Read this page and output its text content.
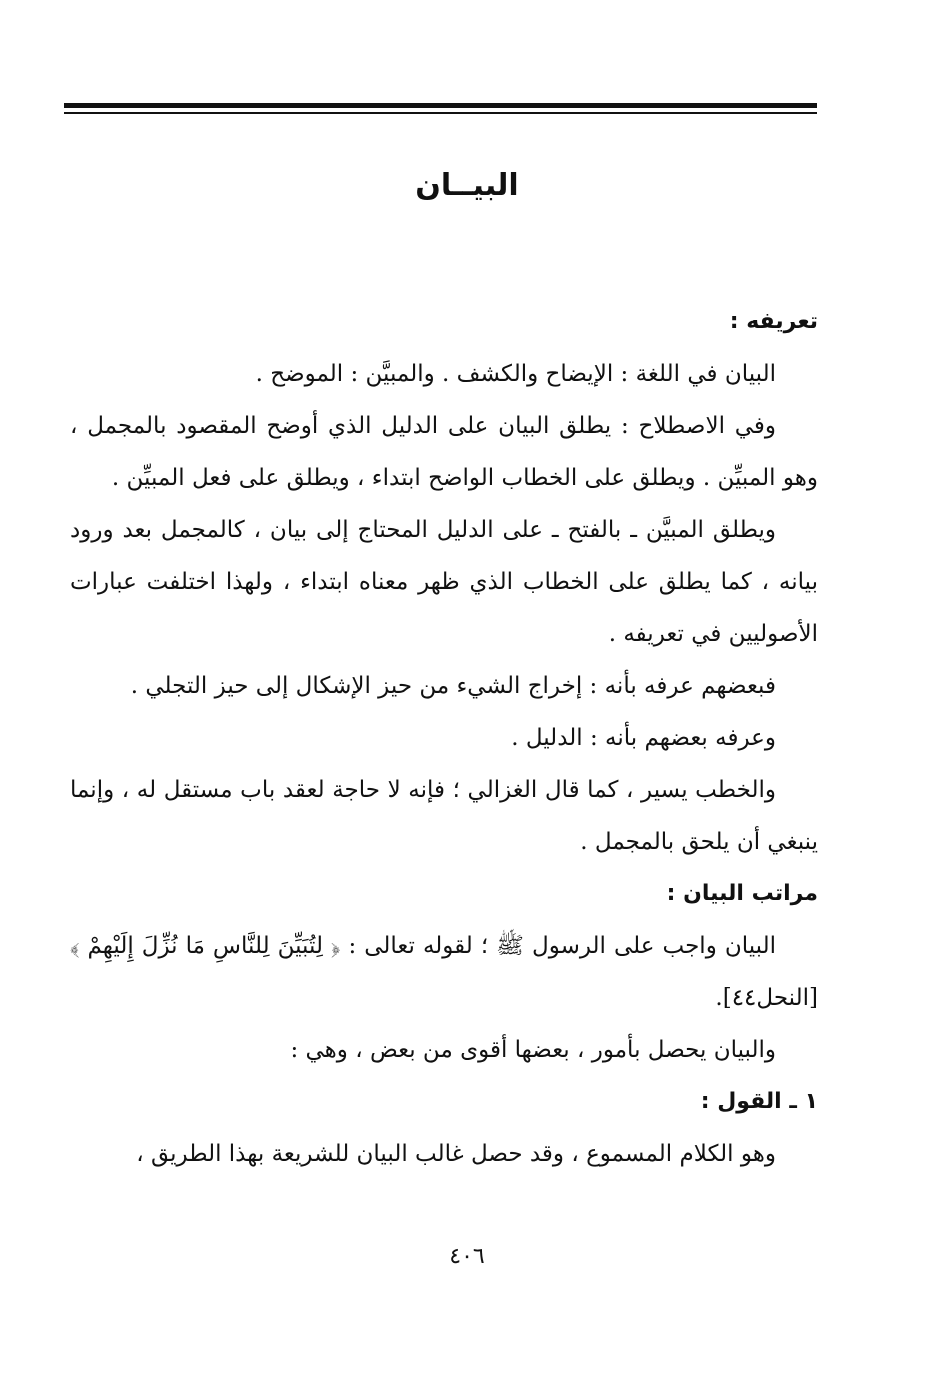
البيــان

تعريفه :

البيان في اللغة : الإيضاح والكشف . والمبيَّن : الموضح .

وفي الاصطلاح : يطلق البيان على الدليل الذي أوضح المقصود بالمجمل ، وهو المبيِّن . ويطلق على الخطاب الواضح ابتداء ، ويطلق على فعل المبيِّن .

ويطلق المبيَّن ـ بالفتح ـ على الدليل المحتاج إلى بيان ، كالمجمل بعد ورود بيانه ، كما يطلق على الخطاب الذي ظهر معناه ابتداء ، ولهذا اختلفت عبارات الأصوليين في تعريفه .

فبعضهم عرفه بأنه : إخراج الشيء من حيز الإشكال إلى حيز التجلي .

وعرفه بعضهم بأنه : الدليل .

والخطب يسير ، كما قال الغزالي ؛ فإنه لا حاجة لعقد باب مستقل له ، وإنما ينبغي أن يلحق بالمجمل .

مراتب البيان :

البيان واجب على الرسول ﷺ ؛ لقوله تعالى : ﴿ لِتُبَيِّنَ لِلنَّاسِ مَا نُزِّلَ إِلَيْهِمْ ﴾ [النحل٤٤].

والبيان يحصل بأمور ، بعضها أقوى من بعض ، وهي :

١ ـ القول :

وهو الكلام المسموع ، وقد حصل غالب البيان للشريعة بهذا الطريق ،

٤٠٦
